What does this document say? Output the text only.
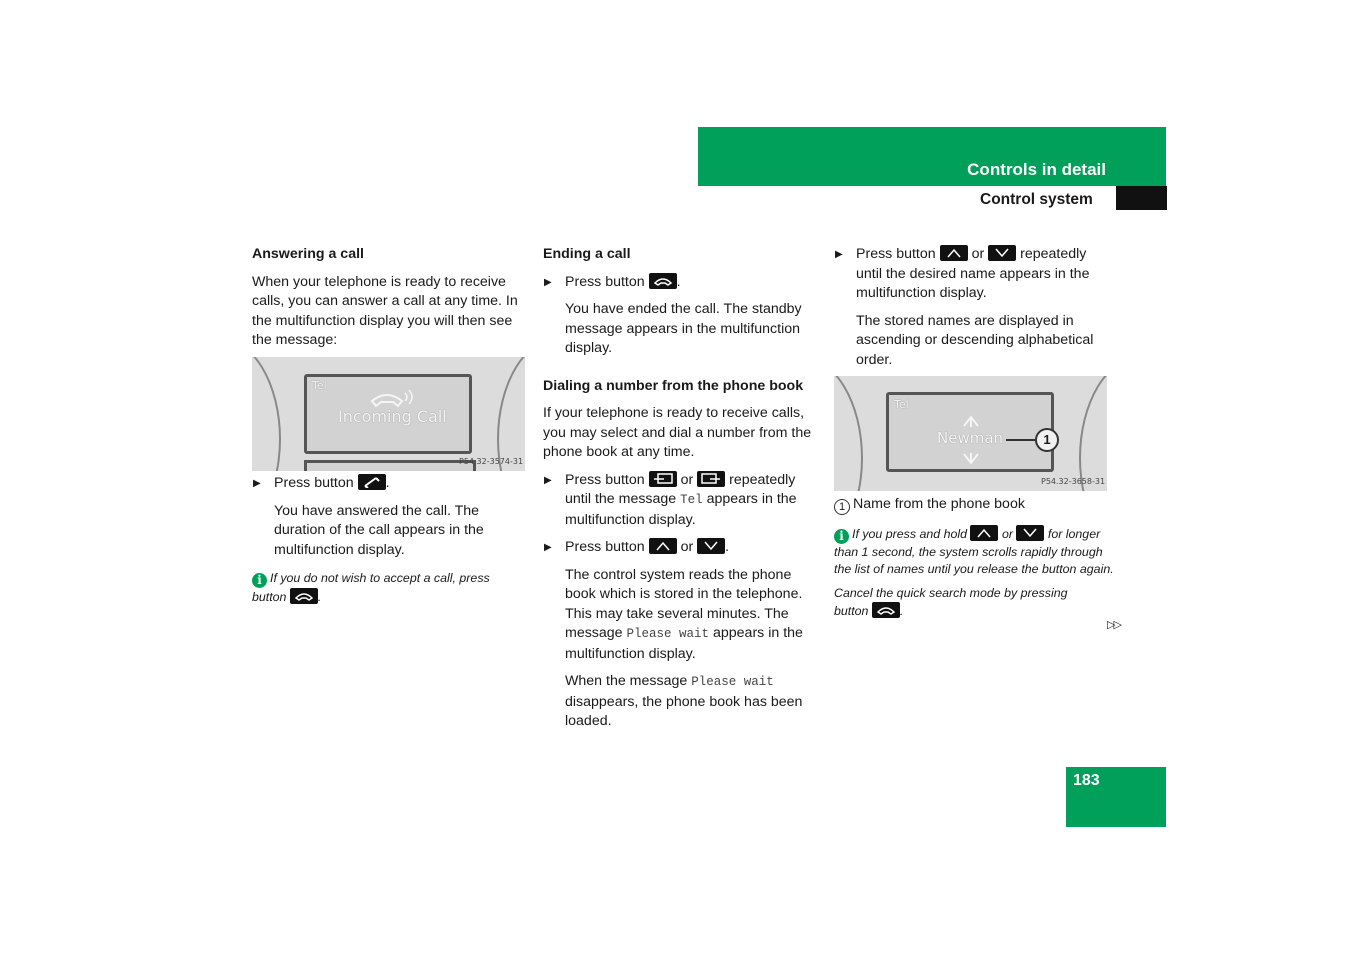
Controls in detail
Control system

Answering a call

When your telephone is ready to receive calls, you can answer a call at any time. In the multifunction display you will then see the message:

Tel
Incoming Call
P54.32-3574-31

▶ Press button .

You have answered the call. The duration of the call appears in the multifunction display.

i If you do not wish to accept a call, press button	.

Ending a call

▶ Press button .

You have ended the call. The standby message appears in the multifunction display.

Dialing a number from the phone book

If your telephone is ready to receive calls, you may select and dial a number from the phone book at any time.

▶ Press button	or	repeatedly until the message Tel appears in the multifunction display.

▶ Press button	or .

The control system reads the phone book which is stored in the telephone. This may take several minutes. The message Please wait appears in the multifunction display.

When the message Please wait disappears, the phone book has been loaded.

▶ Press button	or	repeatedly until the desired name appears in the multifunction display.

The stored names are displayed in ascending or descending alphabetical order.

Tel
Newman	1
P54.32-3658-31

1 Name from the phone book

i If you press and hold	or	for longer than 1 second, the system scrolls rapidly through the list of names until you release the button again.

Cancel the quick search mode by pressing button	.

▷▷
183
